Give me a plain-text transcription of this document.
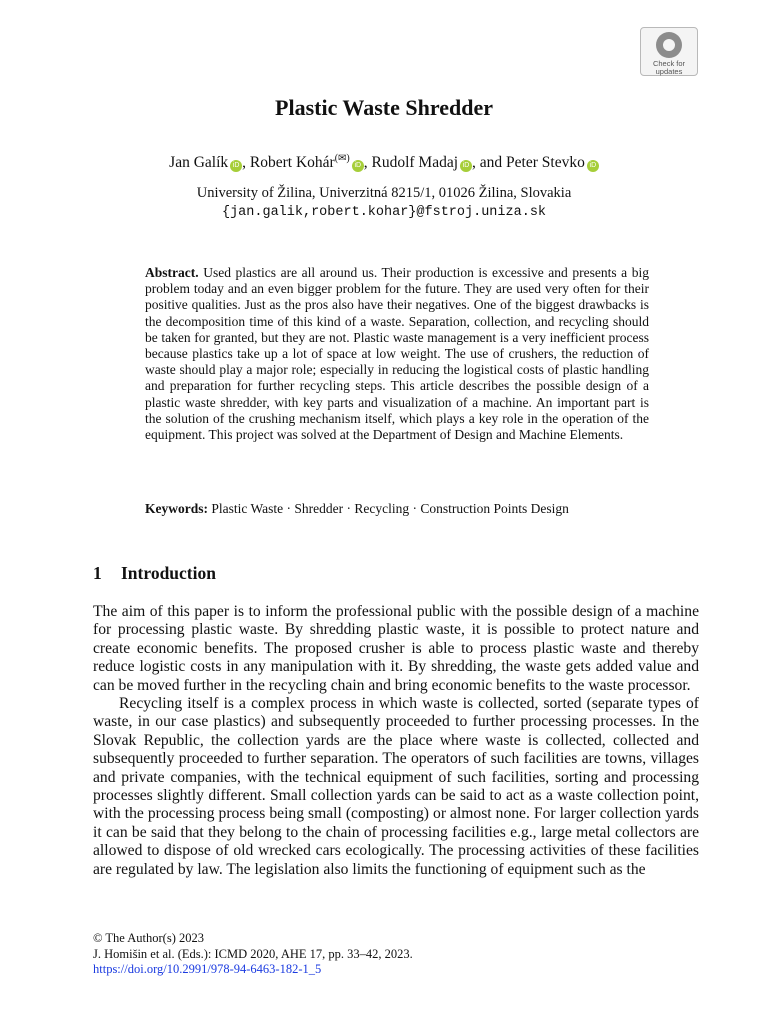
Check for
updates
Plastic Waste Shredder
Jan Galík iD , Robert Kohár(✉)iD , Rudolf Madaj iD , and Peter Stevko iD
University of Žilina, Univerzitná 8215/1, 01026 Žilina, Slovakia
{jan.galik,robert.kohar}@fstroj.uniza.sk
Abstract. Used plastics are all around us. Their production is excessive and presents a big problem today and an even bigger problem for the future. They are used very often for their positive qualities. Just as the pros also have their negatives. One of the biggest drawbacks is the decomposition time of this kind of a waste. Separation, collection, and recycling should be taken for granted, but they are not. Plastic waste management is a very inefficient process because plastics take up a lot of space at low weight. The use of crushers, the reduction of waste should play a major role; especially in reducing the logistical costs of plastic handling and preparation for further recycling steps. This article describes the possible design of a plastic waste shredder, with key parts and visualization of a machine. An important part is the solution of the crushing mechanism itself, which plays a key role in the operation of the equipment. This project was solved at the Department of Design and Machine Elements.
Keywords: Plastic Waste · Shredder · Recycling · Construction Points Design
1 Introduction

The aim of this paper is to inform the professional public with the possible design of a machine for processing plastic waste. By shredding plastic waste, it is possible to protect nature and create economic benefits. The proposed crusher is able to process plastic waste and thereby reduce logistic costs in any manipulation with it. By shredding, the waste gets added value and can be moved further in the recycling chain and bring economic benefits to the waste processor.

Recycling itself is a complex process in which waste is collected, sorted (separate types of waste, in our case plastics) and subsequently proceeded to further processing processes. In the Slovak Republic, the collection yards are the place where waste is collected, collected and subsequently proceeded to further separation. The operators of such facilities are towns, villages and private companies, with the technical equipment of such facilities, sorting and processing processes slightly different. Small collection yards can be said to act as a waste collection point, with the processing process being small (composting) or almost none. For larger collection yards it can be said that they belong to the chain of processing facilities e.g., large metal collectors are allowed to dispose of old wrecked cars ecologically. The processing activities of these facilities are regulated by law. The legislation also limits the functioning of equipment such as the

© The Author(s) 2023
J. Homišin et al. (Eds.): ICMD 2020, AHE 17, pp. 33–42, 2023.
https://doi.org/10.2991/978-94-6463-182-1_5
